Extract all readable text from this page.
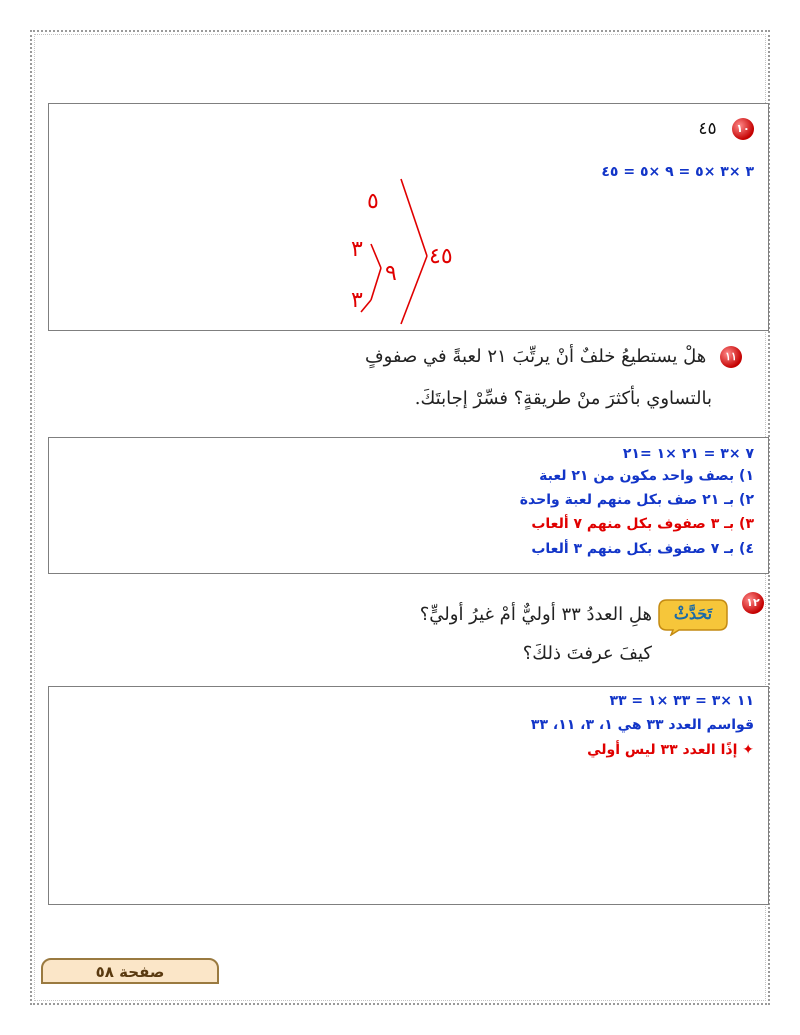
١٠ ٤٥
٣ ×٣ ×٥ = ٩ ×٥ = ٤٥
٥
٤٥
٩
٣
٣
١١ هلْ يستطيعُ خلفٌ أنْ يرتِّبَ ٢١ لعبةً في صفوفٍ
بالتساوي بأكثرَ منْ طريقةٍ؟ فسِّرْ إجابتَكَ.
٧ ×٣ = ٢١ ×١ =٢١
١) بصف واحد مكون من ٢١ لعبة
٢) بـ ٢١ صف بكل منهم لعبة واحدة
٣) بـ ٣ صفوف بكل منهم ٧ ألعاب
٤) بـ ٧ صفوف بكل منهم ٣ ألعاب
١٢
تَحَدَّثْ
هلِ العددُ ٣٣ أوليٌّ أمْ غيرُ أوليٍّ؟
كيفَ عرفتَ ذلكَ؟
١١ ×٣ = ٣٣ ×١ = ٣٣
قواسم العدد ٣٣ هي ١، ٣، ١١، ٣٣
✦ إذًا العدد ٣٣ ليس أولي
صفحة ٥٨
